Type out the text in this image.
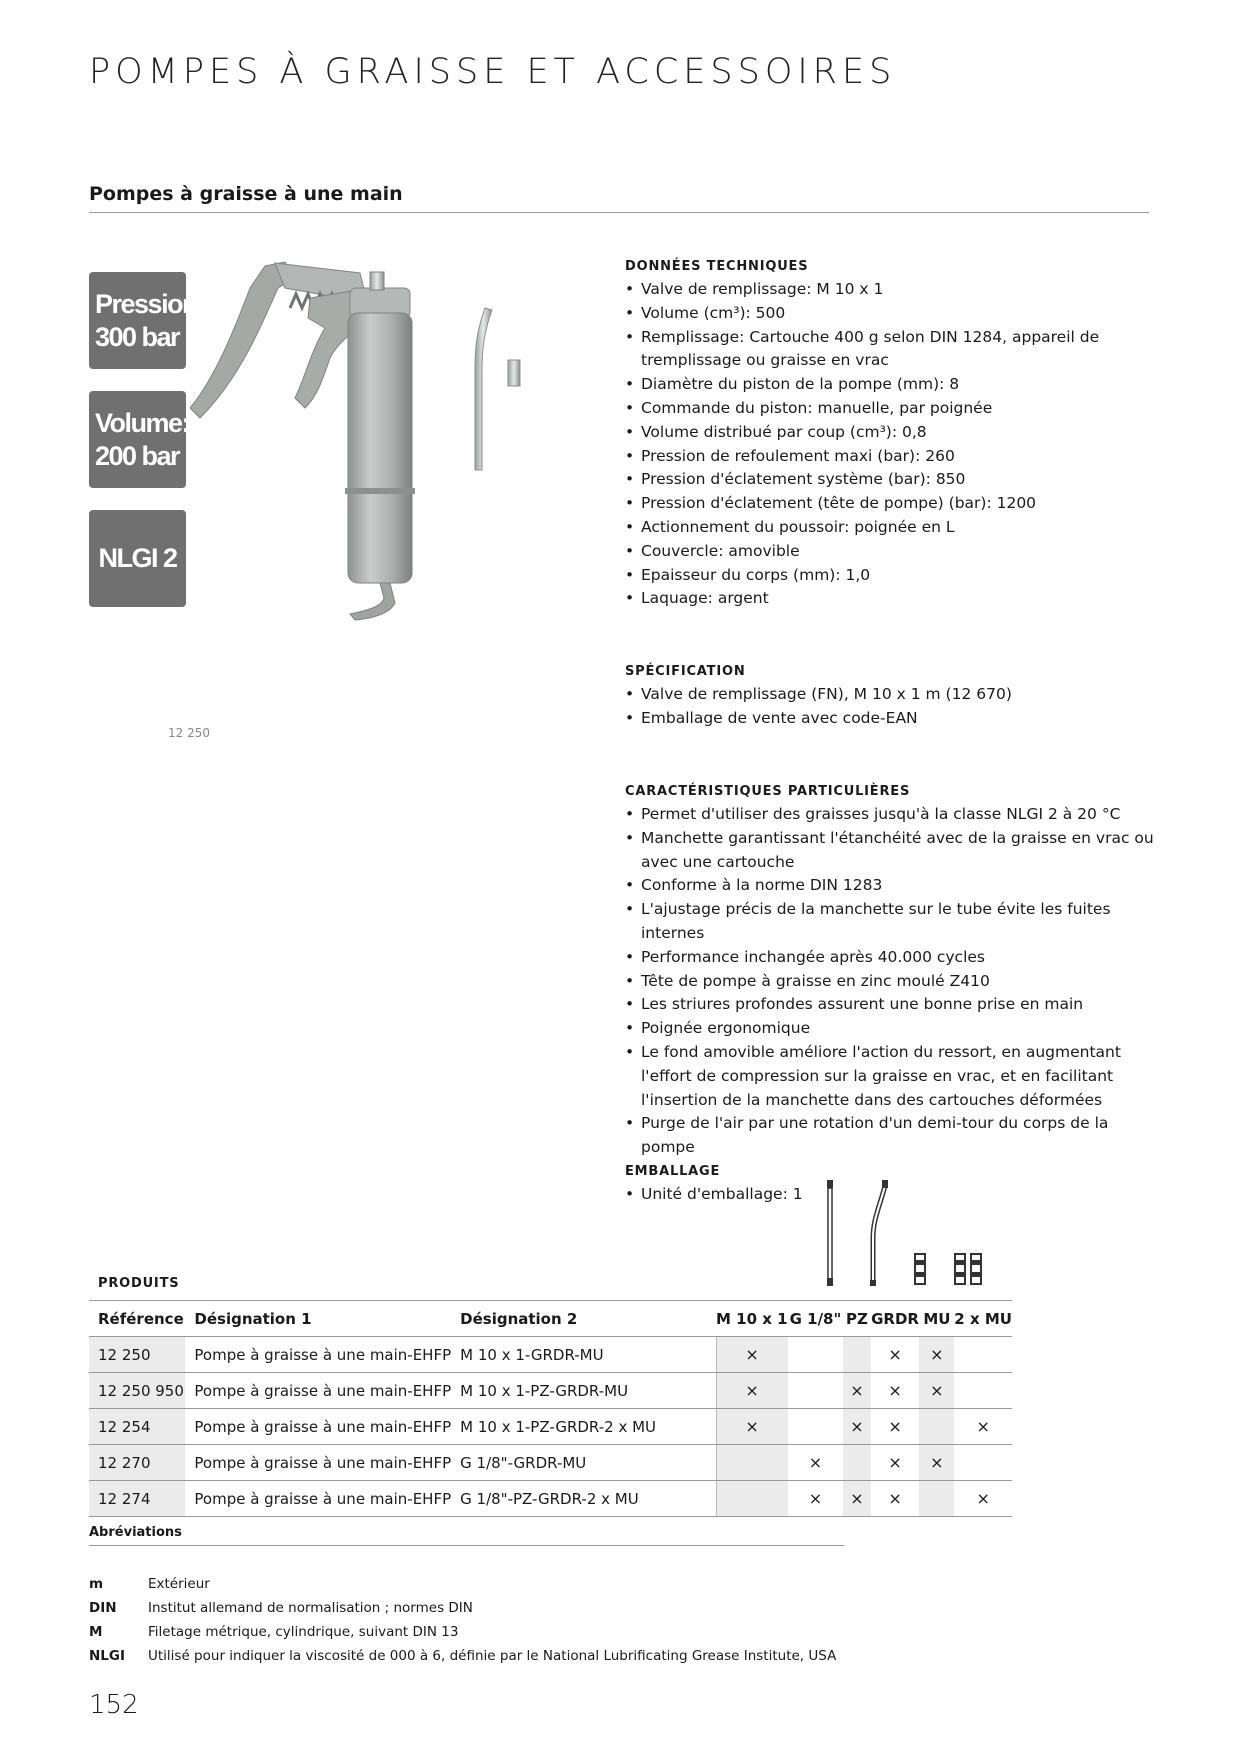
POMPES À GRAISSE ET ACCESSOIRES
Pompes à graisse à une main
Pression:
300 bar
Volume:
200 bar
NLGI 2
12 250
DONNÉES TECHNIQUES
• Valve de remplissage: M 10 x 1
• Volume (cm³): 500
• Remplissage: Cartouche 400 g selon DIN 1284, appareil de tremplissage ou graisse en vrac
• Diamètre du piston de la pompe (mm): 8
• Commande du piston: manuelle, par poignée
• Volume distribué par coup (cm³): 0,8
• Pression de refoulement maxi (bar): 260
• Pression d'éclatement système (bar): 850
• Pression d'éclatement (tête de pompe) (bar): 1200
• Actionnement du poussoir: poignée en L
• Couvercle: amovible
• Epaisseur du corps (mm): 1,0
• Laquage: argent
SPÉCIFICATION
• Valve de remplissage (FN), M 10 x 1 m (12 670)
• Emballage de vente avec code-EAN
CARACTÉRISTIQUES PARTICULIÈRES
• Permet d'utiliser des graisses jusqu'à la classe NLGI 2 à 20 °C
• Manchette garantissant l'étanchéité avec de la graisse en vrac ou avec une cartouche
• Conforme à la norme DIN 1283
• L'ajustage précis de la manchette sur le tube évite les fuites internes
• Performance inchangée après 40.000 cycles
• Tête de pompe à graisse en zinc moulé Z410
• Les striures profondes assurent une bonne prise en main
• Poignée ergonomique
• Le fond amovible améliore l'action du ressort, en augmentant l'effort de compression sur la graisse en vrac, et en facilitant l'insertion de la manchette dans des cartouches déformées
• Purge de l'air par une rotation d'un demi-tour du corps de la pompe
EMBALLAGE
• Unité d'emballage: 1
PRODUITS
Référence	Désignation 1	Désignation 2	M 10 x 1	G 1/8"	PZ	GRDR	MU	2 x MU
12 250	Pompe à graisse à une main-EHFP	M 10 x 1-GRDR-MU	×			×	×	
12 250 950	Pompe à graisse à une main-EHFP	M 10 x 1-PZ-GRDR-MU	×		×	×	×	
12 254	Pompe à graisse à une main-EHFP	M 10 x 1-PZ-GRDR-2 x MU	×		×	×		×
12 270	Pompe à graisse à une main-EHFP	G 1/8"-GRDR-MU		×		×	×	
12 274	Pompe à graisse à une main-EHFP	G 1/8"-PZ-GRDR-2 x MU		×	×	×		×
Abréviations
m	Extérieur
DIN	Institut allemand de normalisation ; normes DIN
M	Filetage métrique, cylindrique, suivant DIN 13
NLGI	Utilisé pour indiquer la viscosité de 000 à 6, définie par le National Lubrificating Grease Institute, USA
152
